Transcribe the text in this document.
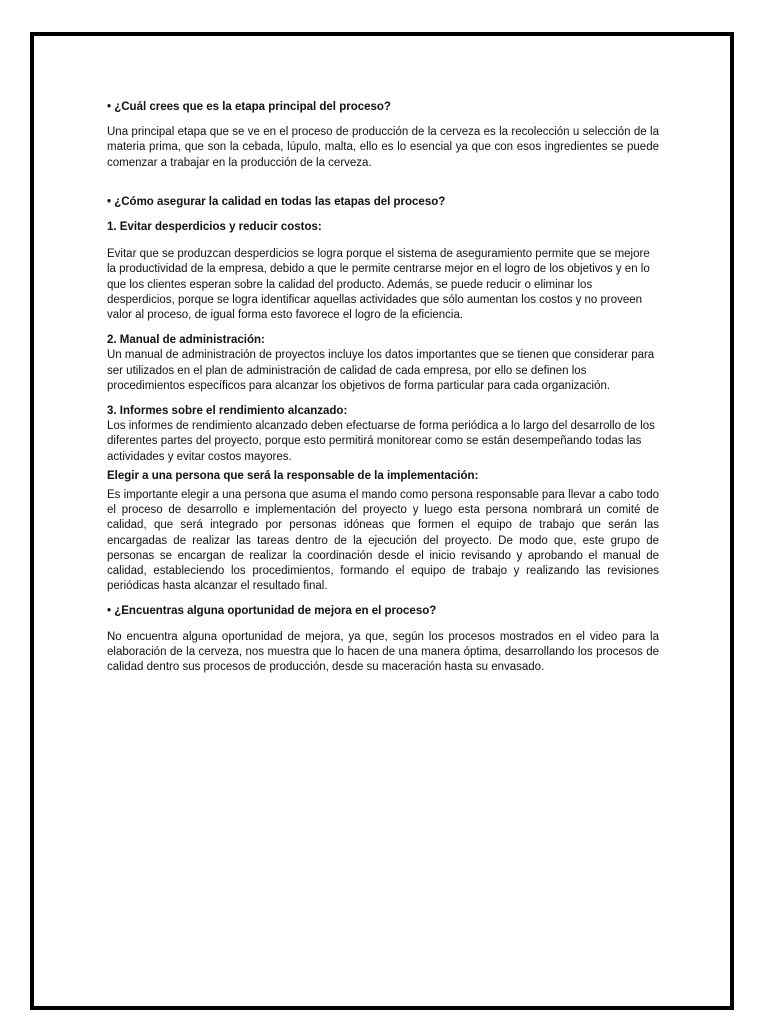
• ¿Cuál crees que es la etapa principal del proceso?

Una principal etapa que se ve en el proceso de producción de la cerveza es la recolección u selección de la materia prima, que son la cebada, lúpulo, malta, ello es lo esencial ya que con esos ingredientes se puede comenzar a trabajar en la producción de la cerveza.

• ¿Cómo asegurar la calidad en todas las etapas del proceso?

1. Evitar desperdicios y reducir costos:

Evitar que se produzcan desperdicios se logra porque el sistema de aseguramiento permite que se mejore la productividad de la empresa, debido a que le permite centrarse mejor en el logro de los objetivos y en lo que los clientes esperan sobre la calidad del producto. Además, se puede reducir o eliminar los desperdicios, porque se logra identificar aquellas actividades que sólo aumentan los costos y no proveen valor al proceso, de igual forma esto favorece el logro de la eficiencia.

2. Manual de administración:

Un manual de administración de proyectos incluye los datos importantes que se tienen que considerar para ser utilizados en el plan de administración de calidad de cada empresa, por ello se definen los procedimientos específicos para alcanzar los objetivos de forma particular para cada organización.

3. Informes sobre el rendimiento alcanzado:

Los informes de rendimiento alcanzado deben efectuarse de forma periódica a lo largo del desarrollo de los diferentes partes del proyecto, porque esto permitirá monitorear como se están desempeñando todas las actividades y evitar costos mayores.

Elegir a una persona que será la responsable de la implementación:

Es importante elegir a una persona que asuma el mando como persona responsable para llevar a cabo todo el proceso de desarrollo e implementación del proyecto y luego esta persona nombrará un comité de calidad, que será integrado por personas idóneas que formen el equipo de trabajo que serán las encargadas de realizar las tareas dentro de la ejecución del proyecto. De modo que, este grupo de personas se encargan de realizar la coordinación desde el inicio revisando y aprobando el manual de calidad, estableciendo los procedimientos, formando el equipo de trabajo y realizando las revisiones periódicas hasta alcanzar el resultado final.

• ¿Encuentras alguna oportunidad de mejora en el proceso?

No encuentra alguna oportunidad de mejora, ya que, según los procesos mostrados en el video para la elaboración de la cerveza, nos muestra que lo hacen de una manera óptima, desarrollando los procesos de calidad dentro sus procesos de producción, desde su maceración hasta su envasado.
